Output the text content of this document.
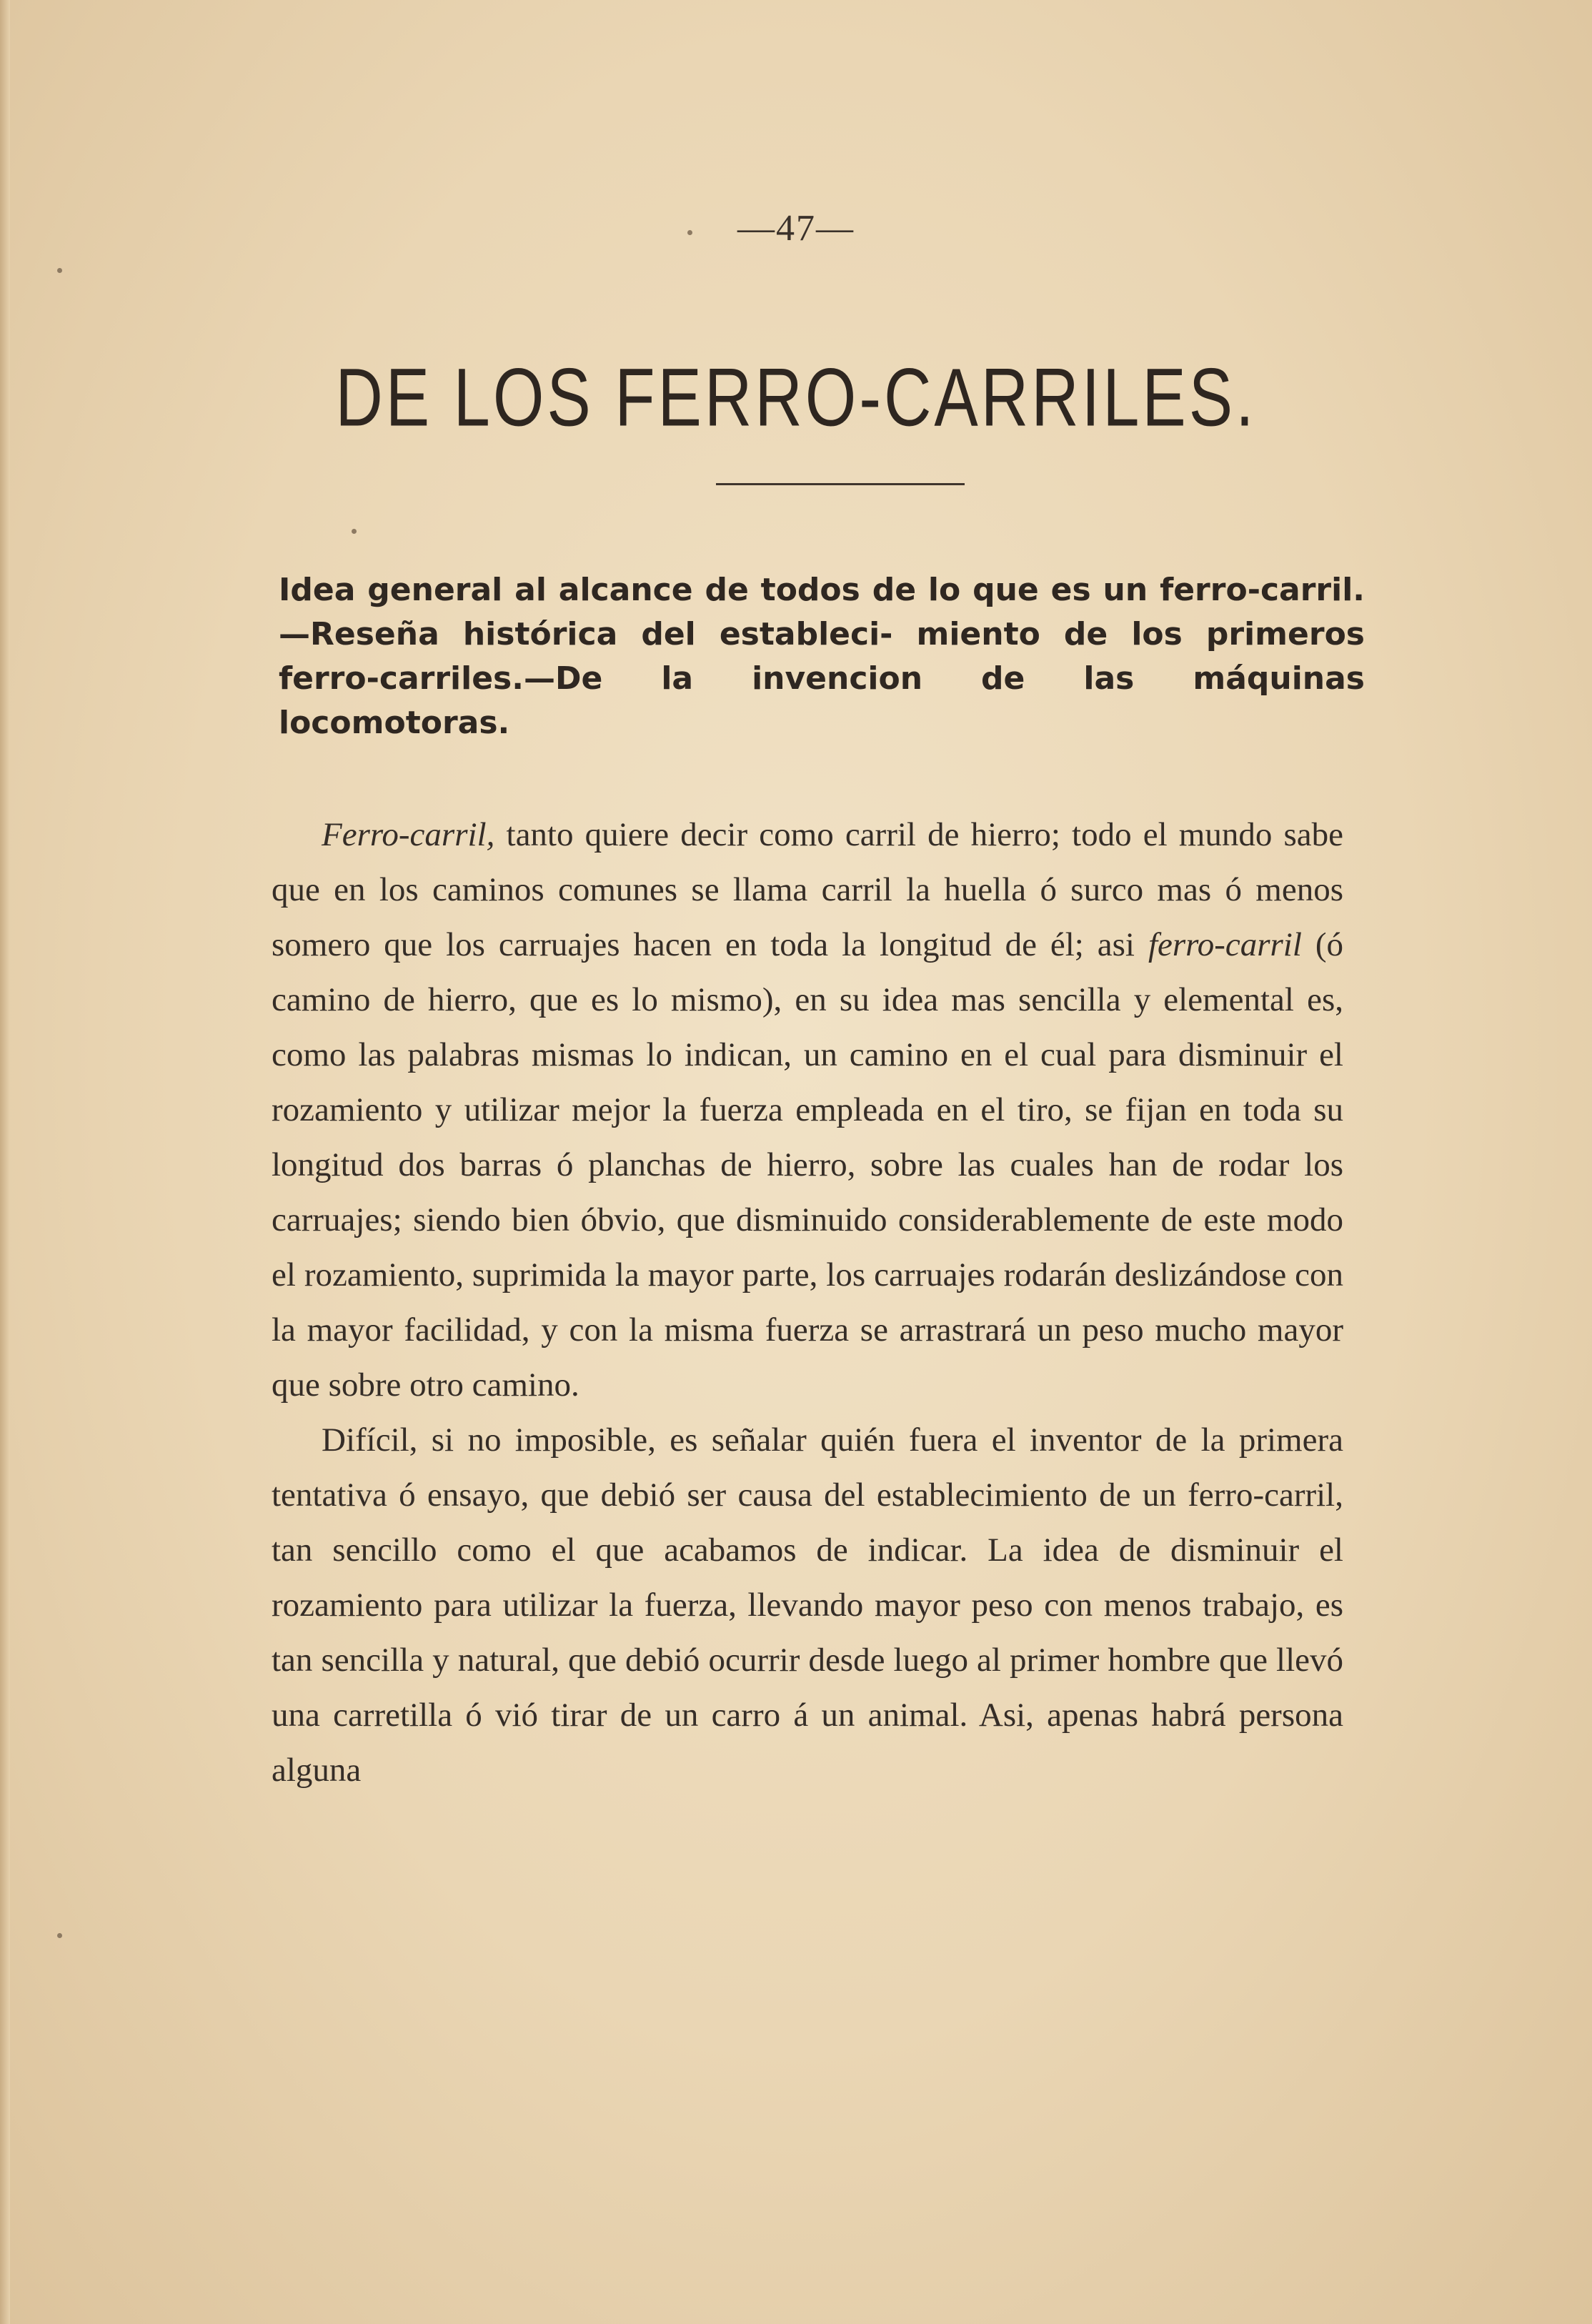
—47—
DE LOS FERRO-CARRILES.
Idea general al alcance de todos de lo que es un ferro-carril.—Reseña histórica del estableci- miento de los primeros ferro-carriles.—De la invencion de las máquinas locomotoras.

Ferro-carril, tanto quiere decir como carril de hierro; todo el mundo sabe que en los caminos comunes se llama carril la huella ó surco mas ó menos somero que los carruajes hacen en toda la longitud de él; asi ferro-carril (ó camino de hierro, que es lo mismo), en su idea mas sencilla y elemental es, como las palabras mismas lo indican, un camino en el cual para disminuir el rozamiento y utilizar mejor la fuerza empleada en el tiro, se fijan en toda su longitud dos barras ó planchas de hierro, sobre las cuales han de rodar los carruajes; siendo bien óbvio, que disminuido considerablemente de este modo el rozamiento, suprimida la mayor parte, los carruajes rodarán deslizándose con la mayor facilidad, y con la misma fuerza se arrastrará un peso mucho mayor que sobre otro camino.

Difícil, si no imposible, es señalar quién fuera el inventor de la primera tentativa ó ensayo, que debió ser causa del establecimiento de un ferro-carril, tan sencillo como el que acabamos de indicar. La idea de disminuir el rozamiento para utilizar la fuerza, llevando mayor peso con menos trabajo, es tan sencilla y natural, que debió ocurrir desde luego al primer hombre que llevó una carretilla ó vió tirar de un carro á un animal. Asi, apenas habrá persona alguna
